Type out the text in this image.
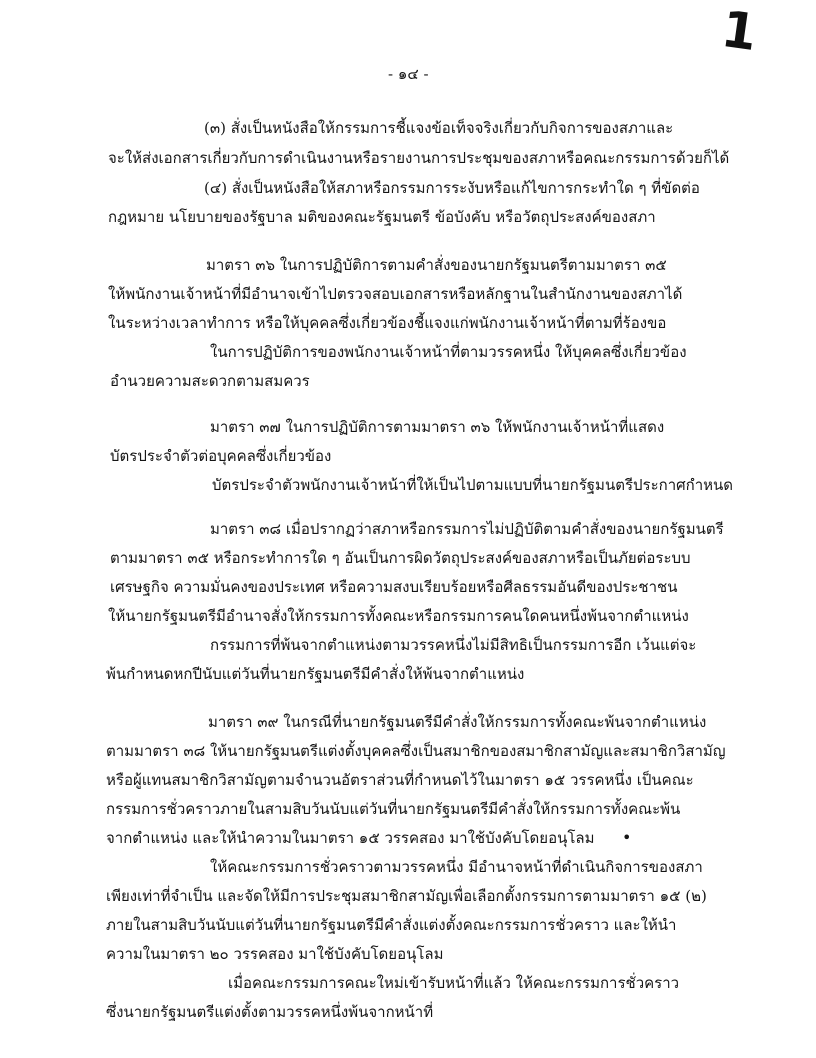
1
- ๑๔ -
(๓) สั่งเป็นหนังสือให้กรรมการชี้แจงข้อเท็จจริงเกี่ยวกับกิจการของสภาและ
จะให้ส่งเอกสารเกี่ยวกับการดำเนินงานหรือรายงานการประชุมของสภาหรือคณะกรรมการด้วยก็ได้
(๔) สั่งเป็นหนังสือให้สภาหรือกรรมการระงับหรือแก้ไขการกระทำใด ๆ ที่ขัดต่อ
กฎหมาย นโยบายของรัฐบาล มติของคณะรัฐมนตรี ข้อบังคับ หรือวัตถุประสงค์ของสภา
มาตรา ๓๖ ในการปฏิบัติการตามคำสั่งของนายกรัฐมนตรีตามมาตรา ๓๕
ให้พนักงานเจ้าหน้าที่มีอำนาจเข้าไปตรวจสอบเอกสารหรือหลักฐานในสำนักงานของสภาได้
ในระหว่างเวลาทำการ หรือให้บุคคลซึ่งเกี่ยวข้องชี้แจงแก่พนักงานเจ้าหน้าที่ตามที่ร้องขอ
ในการปฏิบัติการของพนักงานเจ้าหน้าที่ตามวรรคหนึ่ง ให้บุคคลซึ่งเกี่ยวข้อง
อำนวยความสะดวกตามสมควร
มาตรา ๓๗ ในการปฏิบัติการตามมาตรา ๓๖ ให้พนักงานเจ้าหน้าที่แสดง
บัตรประจำตัวต่อบุคคลซึ่งเกี่ยวข้อง
บัตรประจำตัวพนักงานเจ้าหน้าที่ให้เป็นไปตามแบบที่นายกรัฐมนตรีประกาศกำหนด
มาตรา ๓๘ เมื่อปรากฏว่าสภาหรือกรรมการไม่ปฏิบัติตามคำสั่งของนายกรัฐมนตรี
ตามมาตรา ๓๕ หรือกระทำการใด ๆ อันเป็นการผิดวัตถุประสงค์ของสภาหรือเป็นภัยต่อระบบ
เศรษฐกิจ ความมั่นคงของประเทศ หรือความสงบเรียบร้อยหรือศีลธรรมอันดีของประชาชน
ให้นายกรัฐมนตรีมีอำนาจสั่งให้กรรมการทั้งคณะหรือกรรมการคนใดคนหนึ่งพ้นจากตำแหน่ง
กรรมการที่พ้นจากตำแหน่งตามวรรคหนึ่งไม่มีสิทธิเป็นกรรมการอีก เว้นแต่จะ
พ้นกำหนดหกปีนับแต่วันที่นายกรัฐมนตรีมีคำสั่งให้พ้นจากตำแหน่ง
มาตรา ๓๙ ในกรณีที่นายกรัฐมนตรีมีคำสั่งให้กรรมการทั้งคณะพ้นจากตำแหน่ง
ตามมาตรา ๓๘ ให้นายกรัฐมนตรีแต่งตั้งบุคคลซึ่งเป็นสมาชิกของสมาชิกสามัญและสมาชิกวิสามัญ
หรือผู้แทนสมาชิกวิสามัญตามจำนวนอัตราส่วนที่กำหนดไว้ในมาตรา ๑๕ วรรคหนึ่ง เป็นคณะ
กรรมการชั่วคราวภายในสามสิบวันนับแต่วันที่นายกรัฐมนตรีมีคำสั่งให้กรรมการทั้งคณะพ้น
จากตำแหน่ง และให้นำความในมาตรา ๑๕ วรรคสอง มาใช้บังคับโดยอนุโลม •
ให้คณะกรรมการชั่วคราวตามวรรคหนึ่ง มีอำนาจหน้าที่ดำเนินกิจการของสภา
เพียงเท่าที่จำเป็น และจัดให้มีการประชุมสมาชิกสามัญเพื่อเลือกตั้งกรรมการตามมาตรา ๑๕ (๒)
ภายในสามสิบวันนับแต่วันที่นายกรัฐมนตรีมีคำสั่งแต่งตั้งคณะกรรมการชั่วคราว และให้นำ
ความในมาตรา ๒๐ วรรคสอง มาใช้บังคับโดยอนุโลม
เมื่อคณะกรรมการคณะใหม่เข้ารับหน้าที่แล้ว ให้คณะกรรมการชั่วคราว
ซึ่งนายกรัฐมนตรีแต่งตั้งตามวรรคหนึ่งพ้นจากหน้าที่
